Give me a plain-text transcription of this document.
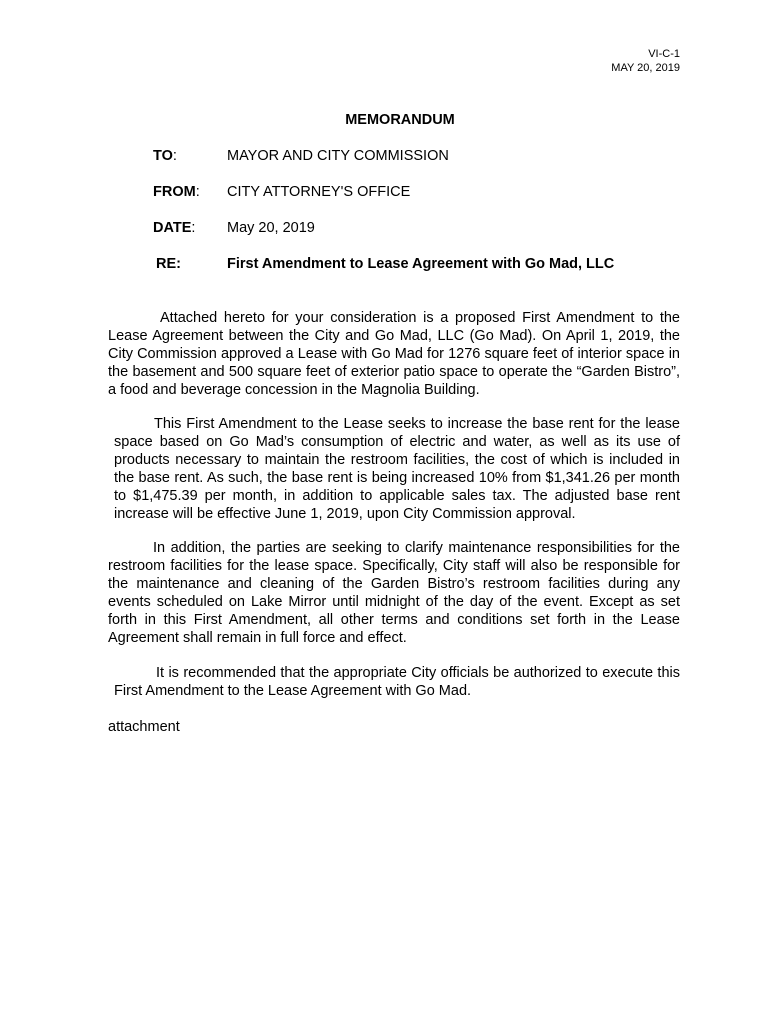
VI-C-1
MAY 20, 2019
MEMORANDUM
TO:	MAYOR AND CITY COMMISSION
FROM: CITY ATTORNEY'S OFFICE
DATE: May 20, 2019
RE:	First Amendment to Lease Agreement with Go Mad, LLC

Attached hereto for your consideration is a proposed First Amendment to the Lease Agreement between the City and Go Mad, LLC (Go Mad). On April 1, 2019, the City Commission approved a Lease with Go Mad for 1276 square feet of interior space in the basement and 500 square feet of exterior patio space to operate the “Garden Bistro”, a food and beverage concession in the Magnolia Building.

This First Amendment to the Lease seeks to increase the base rent for the lease space based on Go Mad’s consumption of electric and water, as well as its use of products necessary to maintain the restroom facilities, the cost of which is included in the base rent. As such, the base rent is being increased 10% from $1,341.26 per month to $1,475.39 per month, in addition to applicable sales tax. The adjusted base rent increase will be effective June 1, 2019, upon City Commission approval.

In addition, the parties are seeking to clarify maintenance responsibilities for the restroom facilities for the lease space. Specifically, City staff will also be responsible for the maintenance and cleaning of the Garden Bistro’s restroom facilities during any events scheduled on Lake Mirror until midnight of the day of the event. Except as set forth in this First Amendment, all other terms and conditions set forth in the Lease Agreement shall remain in full force and effect.

It is recommended that the appropriate City officials be authorized to execute this First Amendment to the Lease Agreement with Go Mad.

attachment
